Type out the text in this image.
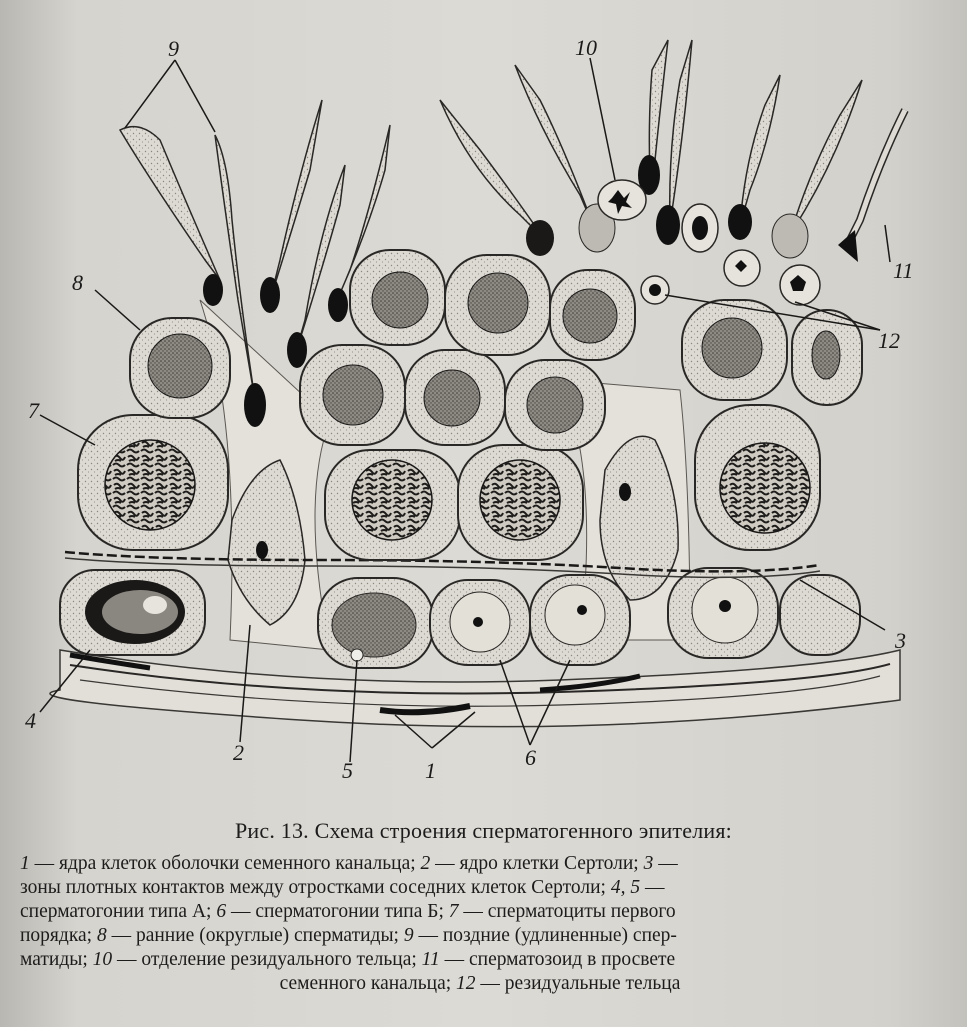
9	10
11
12
8
7
4
2
5	1
6
3
Рис. 13. Схема строения сперматогенного эпителия:
1 — ядра клеток оболочки семенного канальца; 2 — ядро клетки Сертоли; 3 —
зоны плотных контактов между отростками соседних клеток Сертоли; 4, 5 —
сперматогонии типа А; 6 — сперматогонии типа Б; 7 — сперматоциты первого
порядка; 8 — ранние (округлые) сперматиды; 9 — поздние (удлиненные) спер-
матиды; 10 — отделение резидуального тельца; 11 — сперматозоид в просвете
семенного канальца; 12 — резидуальные тельца
